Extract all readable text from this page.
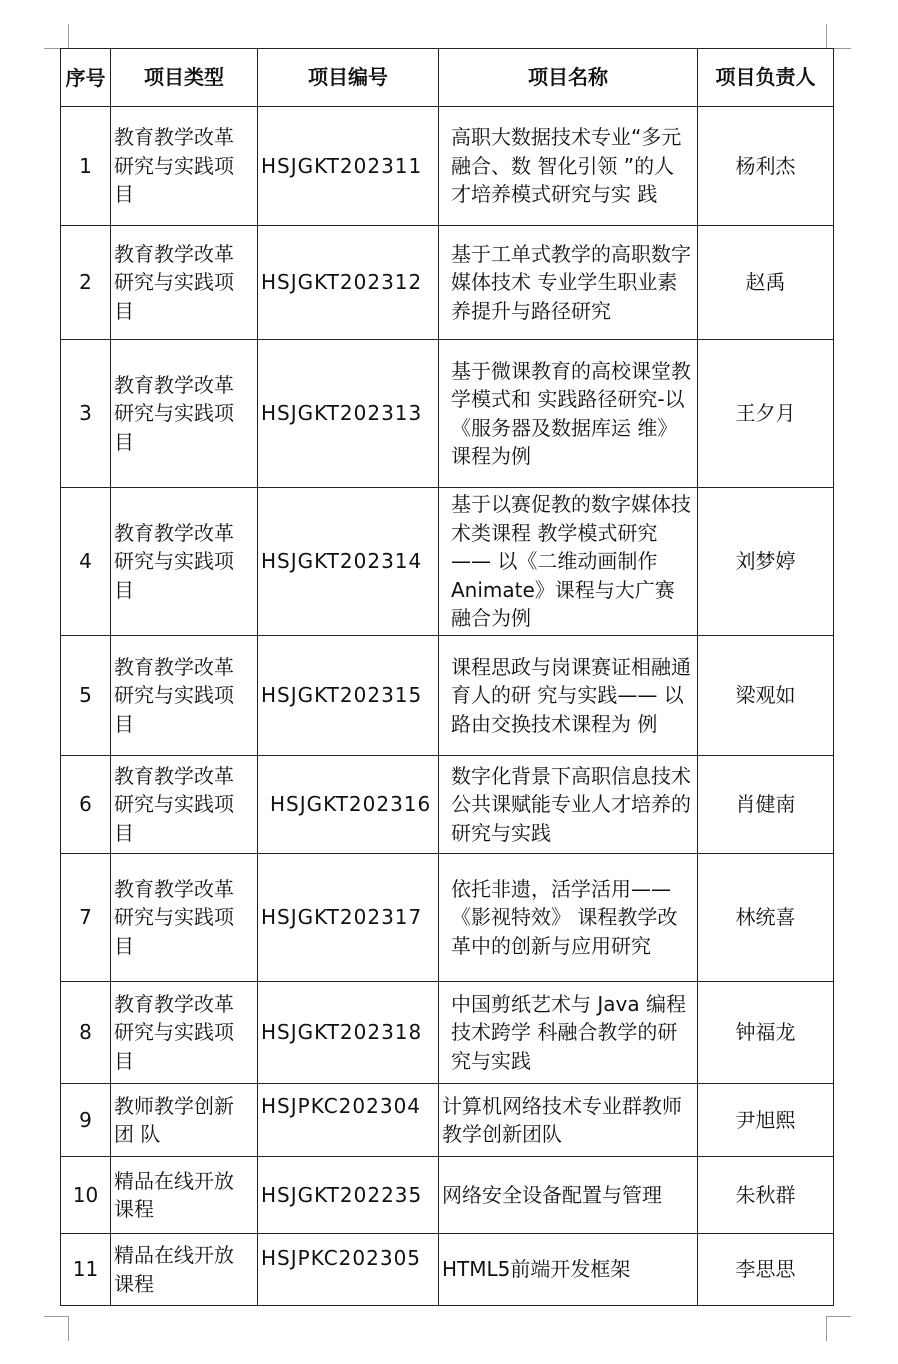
序号	项目类型	项目编号	项目名称	项目负责人
1	教育教学改革研究与实践项目	HSJGKT202311	高职大数据技术专业“多元融合、数 智化引领 ”的人才培养模式研究与实 践	杨利杰
2	教育教学改革研究与实践项目	HSJGKT202312	基于工单式教学的高职数字媒体技术 专业学生职业素养提升与路径研究	赵禹
3	教育教学改革研究与实践项目	HSJGKT202313	基于微课教育的高校课堂教学模式和 实践路径研究-以《服务器及数据库运 维》课程为例	王夕月
4	教育教学改革研究与实践项目	HSJGKT202314	基于以赛促教的数字媒体技术类课程 教学模式研究—— 以《二维动画制作 Animate》课程与大广赛融合为例	刘梦婷
5	教育教学改革研究与实践项目	HSJGKT202315	课程思政与岗课赛证相融通育人的研 究与实践—— 以路由交换技术课程为 例	梁观如
6	教育教学改革研究与实践项目	HSJGKT202316	数字化背景下高职信息技术公共课赋能专业人才培养的研究与实践	肖健南
7	教育教学改革研究与实践项目	HSJGKT202317	依托非遗，活学活用——《影视特效》 课程教学改革中的创新与应用研究	林统喜
8	教育教学改革研究与实践项目	HSJGKT202318	中国剪纸艺术与 Java 编程技术跨学 科融合教学的研究与实践	钟福龙
9	教师教学创新团 队	HSJPKC202304	计算机网络技术专业群教师教学创新团队	尹旭熙
10	精品在线开放课程	HSJGKT202235	网络安全设备配置与管理	朱秋群
11	精品在线开放课程	HSJPKC202305	HTML5前端开发框架	李思思
